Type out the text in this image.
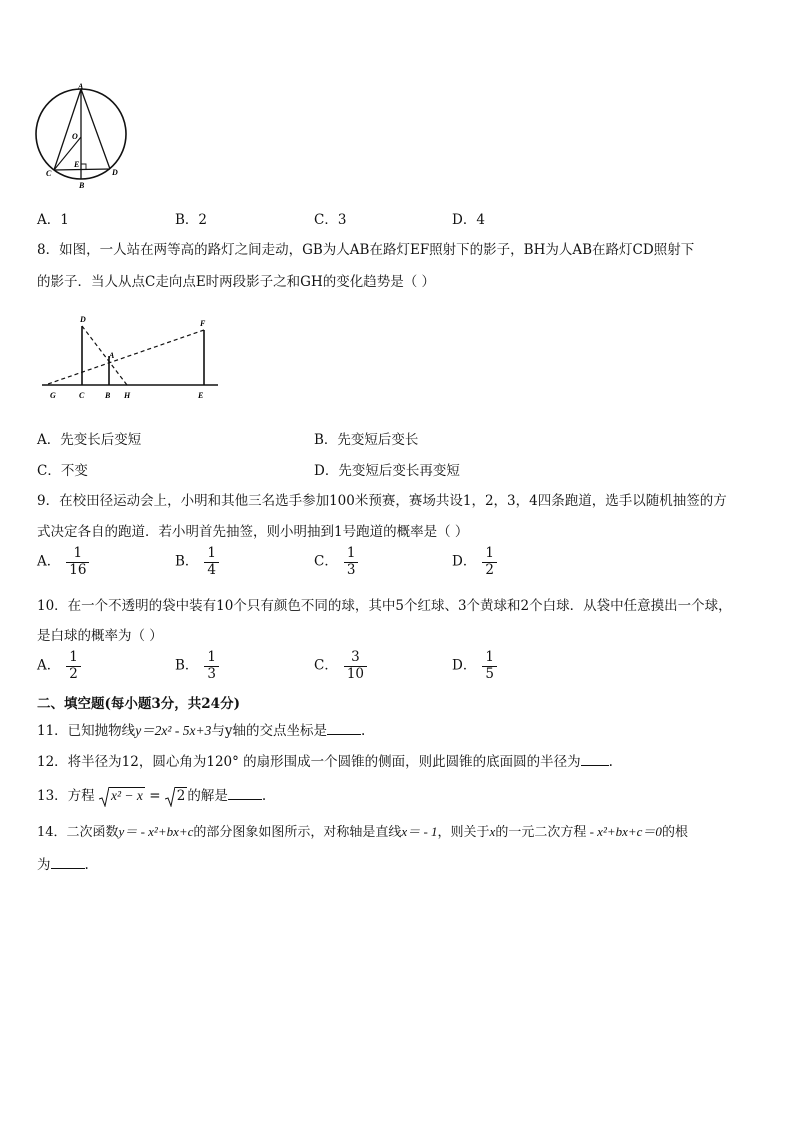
A
O
E
C
B
D
A．1	B．2	C．3	D．4
8．如图，一人站在两等高的路灯之间走动，GB为人AB在路灯EF照射下的影子，BH为人AB在路灯CD照射下
的影子．当人从点C走向点E时两段影子之和GH的变化趋势是（ ）
D	F
A
G	C	B H	E
A．先变长后变短	B．先变短后变长
C．不变	D．先变短后变长再变短
9．在校田径运动会上，小明和其他三名选手参加100米预赛，赛场共设1，2，3，4四条跑道，选手以随机抽签的方
式决定各自的跑道．若小明首先抽签，则小明抽到1号跑道的概率是（ ）
A． $\frac{1}{16}$	B． $\frac{1}{4}$	C． $\frac{1}{3}$	D． $\frac{1}{2}$
10．在一个不透明的袋中装有10个只有颜色不同的球，其中5个红球、3个黄球和2个白球．从袋中任意摸出一个球，
是白球的概率为（ ）
A． $\frac{1}{2}$	B． $\frac{1}{3}$	C． $\frac{3}{10}$	D． $\frac{1}{5}$
二、填空题(每小题3分，共24分)
11．已知抛物线y＝2x² - 5x+3与y轴的交点坐标是	.
12．将半径为12，圆心角为120° 的扇形围成一个圆锥的侧面，则此圆锥的底面圆的半径为 .
13．方程 x² − x = 2 的解是	.
14．二次函数y＝ - x²+bx+c的部分图象如图所示，对称轴是直线x＝ - 1，则关于x的一元二次方程 - x²+bx+c＝0的根
为	.
